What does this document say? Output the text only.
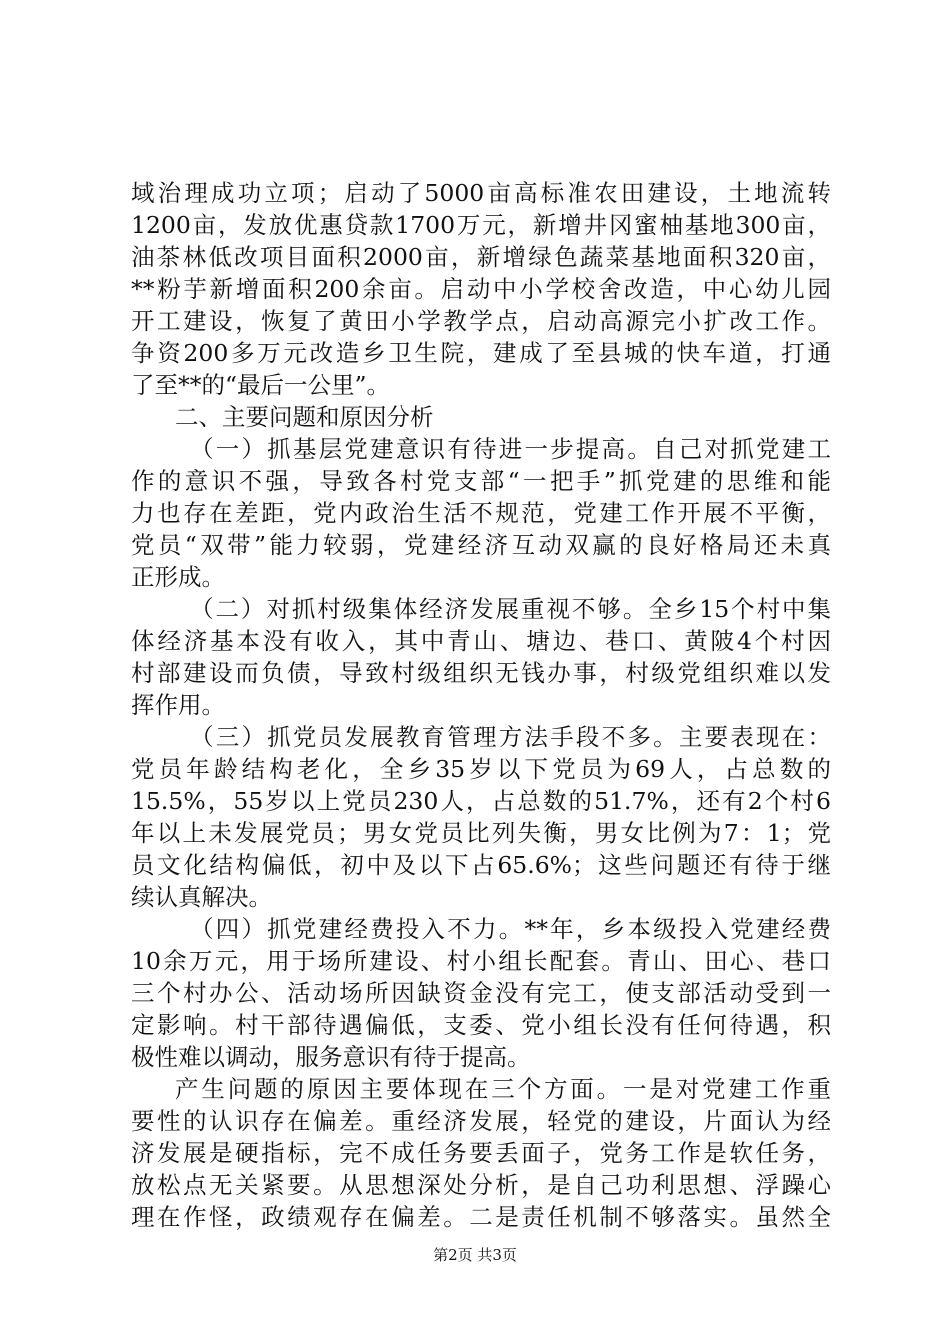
域治理成功立项；启动了5000亩高标准农田建设，土地流转
1200亩，发放优惠贷款1700万元，新增井冈蜜柚基地300亩，
油茶林低改项目面积2000亩，新增绿色蔬菜基地面积320亩，
**粉芋新增面积200余亩。启动中小学校舍改造，中心幼儿园
开工建设，恢复了黄田小学教学点，启动高源完小扩改工作。
争资200多万元改造乡卫生院，建成了至县城的快车道，打通
了至**的“最后一公里”。
二、主要问题和原因分析
（一）抓基层党建意识有待进一步提高。自己对抓党建工
作的意识不强，导致各村党支部“一把手”抓党建的思维和能
力也存在差距，党内政治生活不规范，党建工作开展不平衡，
党员“双带”能力较弱，党建经济互动双赢的良好格局还未真
正形成。
（二）对抓村级集体经济发展重视不够。全乡15个村中集
体经济基本没有收入，其中青山、塘边、巷口、黄陂4个村因
村部建设而负债，导致村级组织无钱办事，村级党组织难以发
挥作用。
（三）抓党员发展教育管理方法手段不多。主要表现在：
党员年龄结构老化，全乡35岁以下党员为69人，占总数的
15.5%，55岁以上党员230人，占总数的51.7%，还有2个村6
年以上未发展党员；男女党员比列失衡，男女比例为7：1；党
员文化结构偏低，初中及以下占65.6%；这些问题还有待于继
续认真解决。
（四）抓党建经费投入不力。**年，乡本级投入党建经费
10余万元，用于场所建设、村小组长配套。青山、田心、巷口
三个村办公、活动场所因缺资金没有完工，使支部活动受到一
定影响。村干部待遇偏低，支委、党小组长没有任何待遇，积
极性难以调动，服务意识有待于提高。
产生问题的原因主要体现在三个方面。一是对党建工作重
要性的认识存在偏差。重经济发展，轻党的建设，片面认为经
济发展是硬指标，完不成任务要丢面子，党务工作是软任务，
放松点无关紧要。从思想深处分析，是自己功利思想、浮躁心
理在作怪，政绩观存在偏差。二是责任机制不够落实。虽然全
第2页 共3页
